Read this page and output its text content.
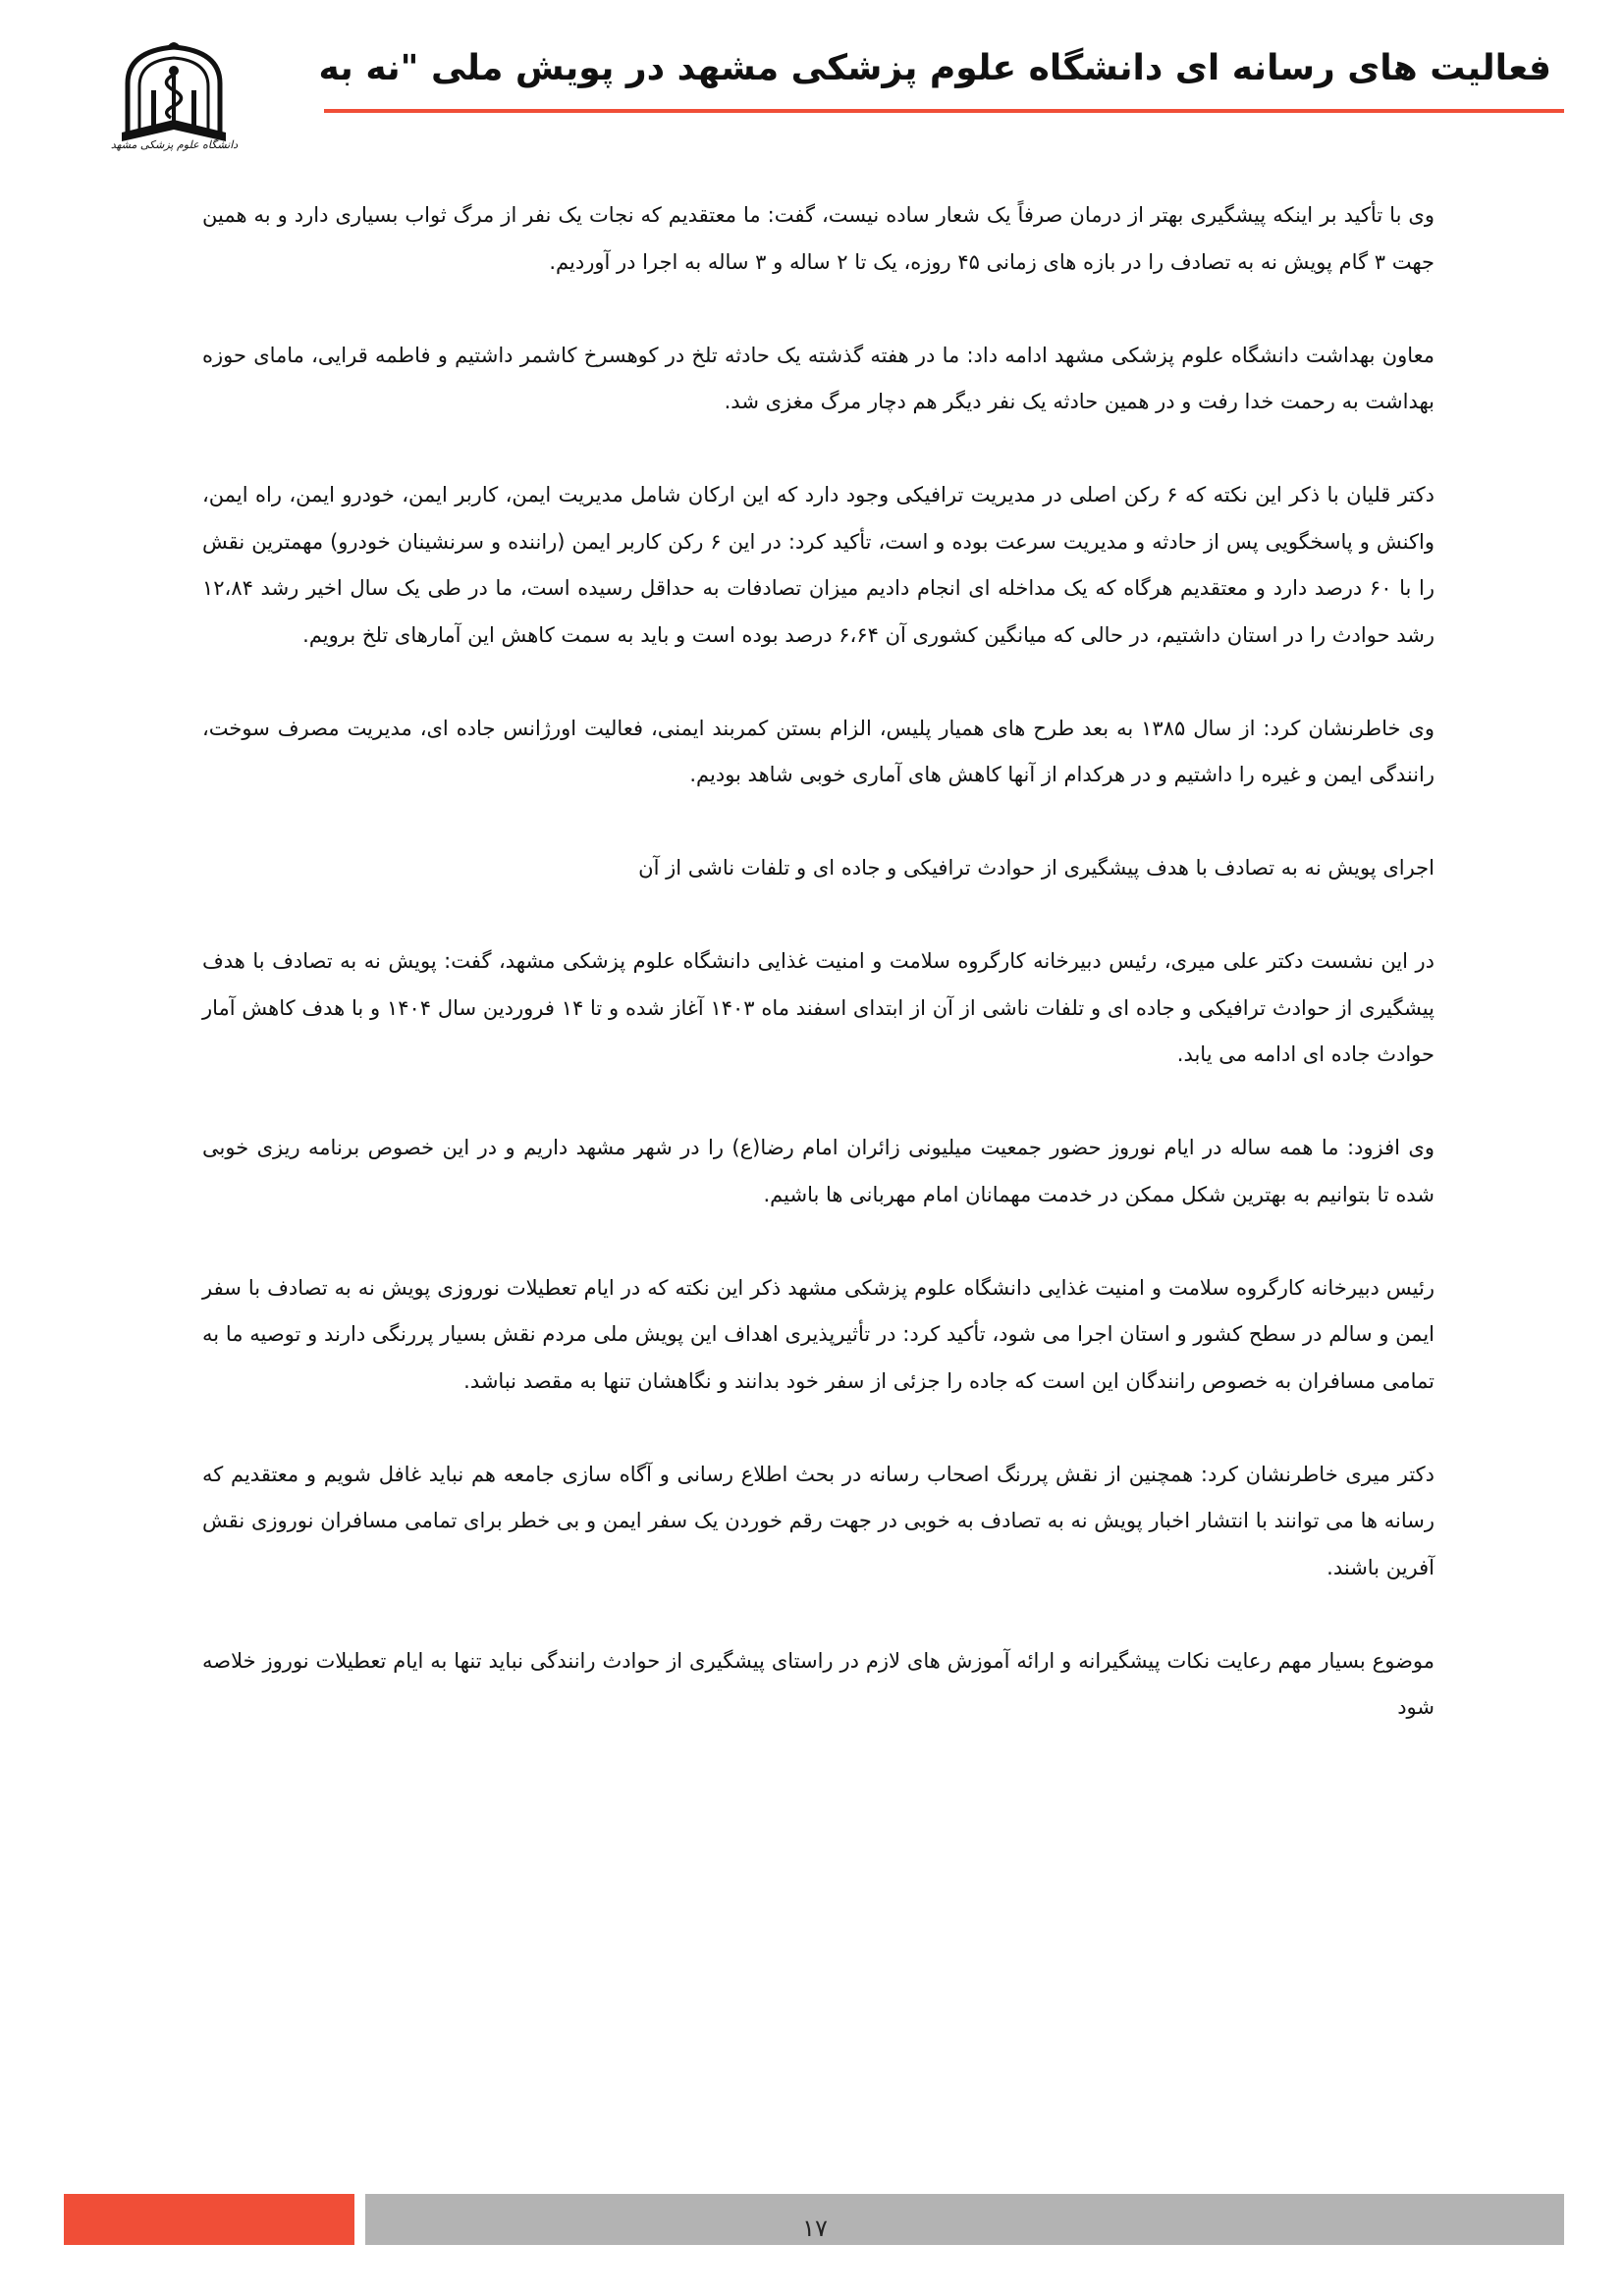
فعالیت های رسانه ای دانشگاه علوم پزشکی مشهد در پویش ملی "نه به
دانشگاه علوم پزشکی مشهد

وی با تأکید بر اینکه پیشگیری بهتر از درمان صرفاً یک شعار ساده نیست، گفت: ما معتقدیم که نجات یک نفر از مرگ ثواب بسیاری دارد و به همین جهت ۳ گام پویش نه به تصادف را در بازه های زمانی ۴۵ روزه، یک تا ۲ ساله و ۳ ساله به اجرا در آوردیم.

معاون بهداشت دانشگاه علوم پزشکی مشهد ادامه داد: ما در هفته گذشته یک حادثه تلخ در کوهسرخ کاشمر داشتیم و فاطمه قرایی، مامای حوزه بهداشت به رحمت خدا رفت و در همین حادثه یک نفر دیگر هم دچار مرگ مغزی شد.

دکتر قلیان با ذکر این نکته که ۶ رکن اصلی در مدیریت ترافیکی وجود دارد که این ارکان شامل مدیریت ایمن، کاربر ایمن، خودرو ایمن، راه ایمن، واکنش و پاسخگویی پس از حادثه و مدیریت سرعت بوده و است، تأکید کرد: در این ۶ رکن کاربر ایمن (راننده و سرنشینان خودرو) مهمترین نقش را با ۶۰ درصد دارد و معتقدیم هرگاه که یک مداخله ای انجام دادیم میزان تصادفات به حداقل رسیده است، ما در طی یک سال اخیر رشد ۱۲،۸۴ رشد حوادث را در استان داشتیم، در حالی که میانگین کشوری آن ۶،۶۴ درصد بوده است و باید به سمت کاهش این آمارهای تلخ برویم.

وی خاطرنشان کرد: از سال ۱۳۸۵ به بعد طرح های همیار پلیس، الزام بستن کمربند ایمنی، فعالیت اورژانس جاده ای، مدیریت مصرف سوخت، رانندگی ایمن و غیره را داشتیم و در هرکدام از آنها کاهش های آماری خوبی شاهد بودیم.

اجرای پویش نه به تصادف با هدف پیشگیری از حوادث ترافیکی و جاده ای و تلفات ناشی از آن

در این نشست دکتر علی میری، رئیس دبیرخانه کارگروه سلامت و امنیت غذایی دانشگاه علوم پزشکی مشهد، گفت: پویش نه به تصادف با هدف پیشگیری از حوادث ترافیکی و جاده ای و تلفات ناشی از آن از ابتدای اسفند ماه ۱۴۰۳ آغاز شده و تا ۱۴ فروردین سال ۱۴۰۴ و با هدف کاهش آمار حوادث جاده ای ادامه می یابد.

وی افزود: ما همه ساله در ایام نوروز حضور جمعیت میلیونی زائران امام رضا(ع) را در شهر مشهد داریم و در این خصوص برنامه ریزی خوبی شده تا بتوانیم به بهترین شکل ممکن در خدمت مهمانان امام مهربانی ها باشیم.

رئیس دبیرخانه کارگروه سلامت و امنیت غذایی دانشگاه علوم پزشکی مشهد ذکر این نکته که در ایام تعطیلات نوروزی پویش نه به تصادف با سفر ایمن و سالم در سطح کشور و استان اجرا می شود، تأکید کرد: در تأثیرپذیری اهداف این پویش ملی مردم نقش بسیار پررنگی دارند و توصیه ما به تمامی مسافران به خصوص رانندگان این است که جاده را جزئی از سفر خود بدانند و نگاهشان تنها به مقصد نباشد.

دکتر میری خاطرنشان کرد: همچنین از نقش پررنگ اصحاب رسانه در بحث اطلاع رسانی و آگاه سازی جامعه هم نباید غافل شویم و معتقدیم که رسانه ها می توانند با انتشار اخبار پویش نه به تصادف به خوبی در جهت رقم خوردن یک سفر ایمن و بی خطر برای تمامی مسافران نوروزی نقش آفرین باشند.

موضوع بسیار مهم رعایت نکات پیشگیرانه و ارائه آموزش های لازم در راستای پیشگیری از حوادث رانندگی نباید تنها به ایام تعطیلات نوروز خلاصه شود

۱۷
